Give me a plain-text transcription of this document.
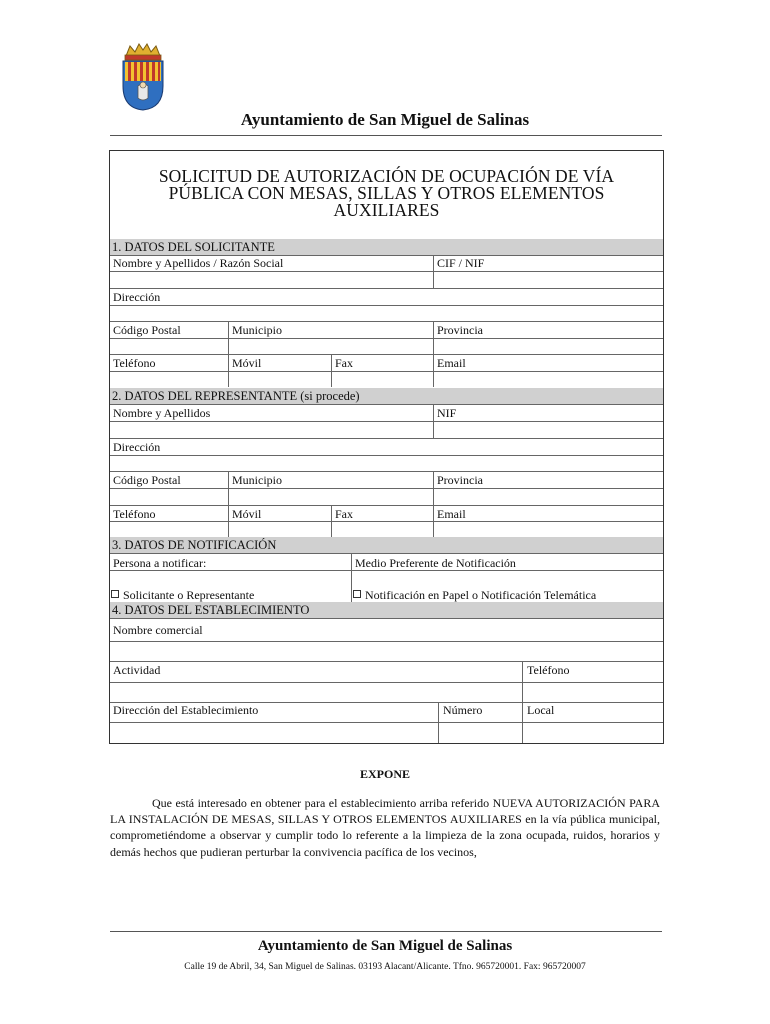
Ayuntamiento de San Miguel de Salinas
SOLICITUD DE AUTORIZACIÓN DE OCUPACIÓN DE VÍA
PÚBLICA CON MESAS, SILLAS Y OTROS ELEMENTOS
AUXILIARES
1. DATOS DEL SOLICITANTE
Nombre y Apellidos / Razón Social	CIF / NIF
Dirección
Código Postal	Municipio	Provincia
Teléfono	Móvil	Fax	Email
2. DATOS DEL REPRESENTANTE (si procede)
Nombre y Apellidos	NIF
Dirección
Código Postal	Municipio	Provincia
Teléfono	Móvil	Fax	Email
3. DATOS DE NOTIFICACIÓN
Persona a notificar:	Medio Preferente de Notificación
Solicitante o Representante	Notificación en Papel o Notificación Telemática
4. DATOS DEL ESTABLECIMIENTO
Nombre comercial
Actividad	Teléfono
Dirección del Establecimiento	Número	Local
EXPONE
Que está interesado en obtener para el establecimiento arriba referido NUEVA AUTORIZACIÓN PARA LA INSTALACIÓN DE MESAS, SILLAS Y OTROS ELEMENTOS AUXILIARES en la vía pública municipal, comprometiéndome a observar y cumplir todo lo referente a la limpieza de la zona ocupada, ruidos, horarios y demás hechos que pudieran perturbar la convivencia pacífica de los vecinos,
Ayuntamiento de San Miguel de Salinas
Calle 19 de Abril, 34, San Miguel de Salinas. 03193 Alacant/Alicante. Tfno. 965720001. Fax: 965720007
